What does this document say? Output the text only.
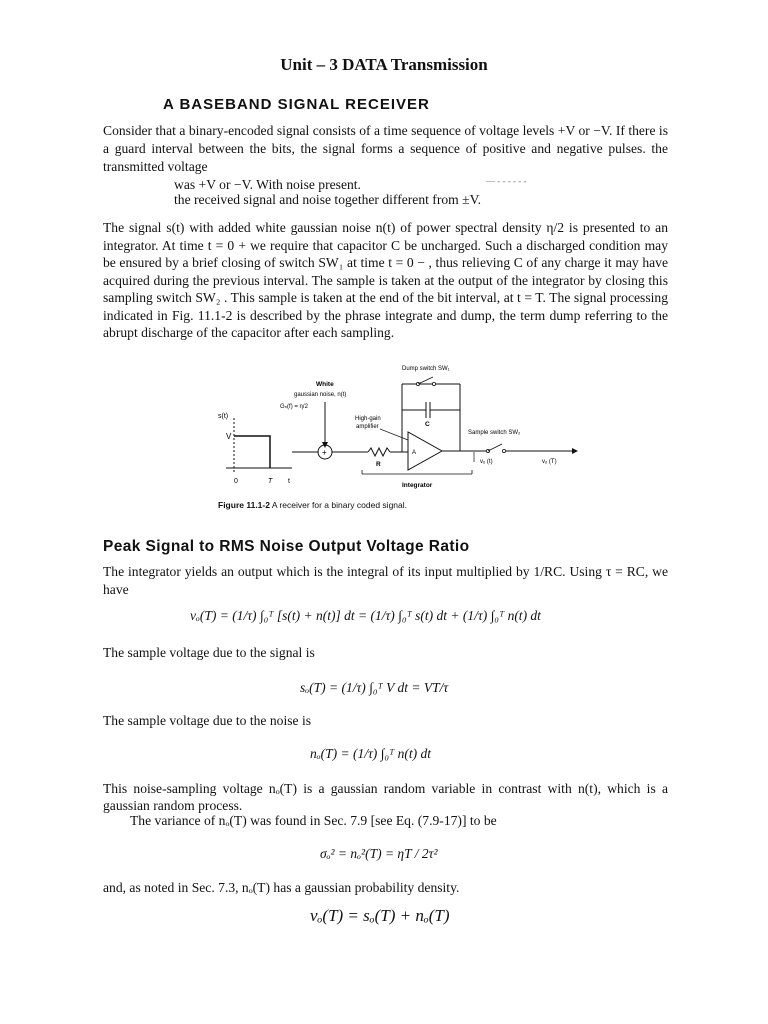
Unit – 3 DATA Transmission
A BASEBAND SIGNAL RECEIVER
Consider that a binary-encoded signal consists of a time sequence of voltage levels +V or −V. If there is a guard interval between the bits, the signal forms a sequence of positive and negative pulses. the transmitted voltage
was +V or −V. With noise present.	— - - - - - -
the received signal and noise together different from ±V.
The signal s(t) with added white gaussian noise n(t) of power spectral density η/2 is presented to an integrator. At time t = 0 + we require that capacitor C be uncharged. Such a discharged condition may be ensured by a brief closing of switch SW₁ at time t = 0 − , thus relieving C of any charge it may have acquired during the previous interval. The sample is taken at the output of the integrator by closing this sampling switch SW₂ . This sample is taken at the end of the bit interval, at t = T. The signal processing indicated in Fig. 11.1-2 is described by the phrase integrate and dump, the term dump referring to the abrupt discharge of the capacitor after each sampling.
s(t)
V
0	T t
White
gaussian noise, n(t)
Gₙ(f) = η/2
+
R
A
High-gain
amplifier	C
Dump switch SW₁
Sample switch SW₂
vₒ (t)	vₒ (T)
Integrator
Figure 11.1-2 A receiver for a binary coded signal.
Peak Signal to RMS Noise Output Voltage Ratio
The integrator yields an output which is the integral of its input multiplied by 1/RC. Using τ = RC, we have
vₒ(T) = (1/τ) ∫₀ᵀ [s(t) + n(t)] dt = (1/τ) ∫₀ᵀ s(t) dt + (1/τ) ∫₀ᵀ n(t) dt
The sample voltage due to the signal is
sₒ(T) = (1/τ) ∫₀ᵀ V dt = VT/τ
The sample voltage due to the noise is
nₒ(T) = (1/τ) ∫₀ᵀ n(t) dt
This noise-sampling voltage nₒ(T) is a gaussian random variable in contrast with n(t), which is a gaussian random process.
The variance of nₒ(T) was found in Sec. 7.9 [see Eq. (7.9-17)] to be
σₒ² = nₒ²(T) = ηT / 2τ²
and, as noted in Sec. 7.3, nₒ(T) has a gaussian probability density.
vₒ(T) = sₒ(T) + nₒ(T)
